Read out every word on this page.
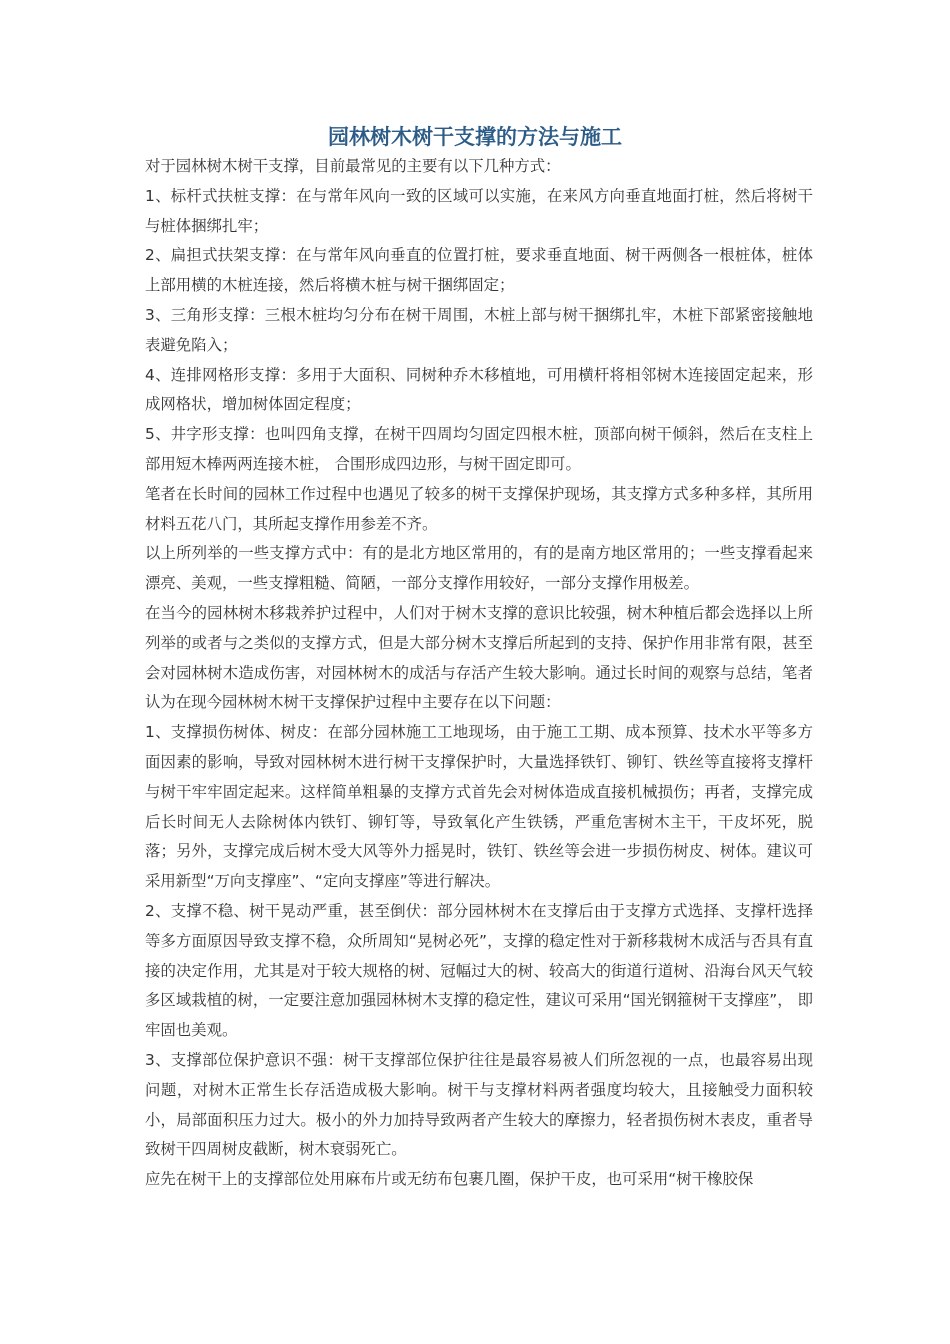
园林树木树干支撑的方法与施工

对于园林树木树干支撑，目前最常见的主要有以下几种方式：

1、标杆式扶桩支撑：在与常年风向一致的区域可以实施，在来风方向垂直地面打桩，然后将树干与桩体捆绑扎牢；

2、扁担式扶架支撑：在与常年风向垂直的位置打桩，要求垂直地面、树干两侧各一根桩体，桩体上部用横的木桩连接，然后将横木桩与树干捆绑固定；

3、三角形支撑：三根木桩均匀分布在树干周围，木桩上部与树干捆绑扎牢，木桩下部紧密接触地表避免陷入；

4、连排网格形支撑：多用于大面积、同树种乔木移植地，可用横杆将相邻树木连接固定起来，形成网格状，增加树体固定程度；

5、井字形支撑：也叫四角支撑，在树干四周均匀固定四根木桩，顶部向树干倾斜，然后在支柱上部用短木棒两两连接木桩， 合围形成四边形，与树干固定即可。

笔者在长时间的园林工作过程中也遇见了较多的树干支撑保护现场，其支撑方式多种多样，其所用材料五花八门，其所起支撑作用参差不齐。

以上所列举的一些支撑方式中：有的是北方地区常用的，有的是南方地区常用的；一些支撑看起来漂亮、美观，一些支撑粗糙、简陋，一部分支撑作用较好，一部分支撑作用极差。

在当今的园林树木移栽养护过程中，人们对于树木支撑的意识比较强，树木种植后都会选择以上所列举的或者与之类似的支撑方式，但是大部分树木支撑后所起到的支持、保护作用非常有限，甚至会对园林树木造成伤害，对园林树木的成活与存活产生较大影响。通过长时间的观察与总结，笔者认为在现今园林树木树干支撑保护过程中主要存在以下问题：

1、支撑损伤树体、树皮：在部分园林施工工地现场，由于施工工期、成本预算、技术水平等多方面因素的影响，导致对园林树木进行树干支撑保护时，大量选择铁钉、铆钉、铁丝等直接将支撑杆与树干牢牢固定起来。这样简单粗暴的支撑方式首先会对树体造成直接机械损伤；再者，支撑完成后长时间无人去除树体内铁钉、铆钉等，导致氧化产生铁锈，严重危害树木主干，干皮坏死，脱落；另外，支撑完成后树木受大风等外力摇晃时，铁钉、铁丝等会进一步损伤树皮、树体。建议可采用新型“万向支撑座”、“定向支撑座”等进行解决。

2、支撑不稳、树干晃动严重，甚至倒伏：部分园林树木在支撑后由于支撑方式选择、支撑杆选择等多方面原因导致支撑不稳，众所周知“晃树必死”，支撑的稳定性对于新移栽树木成活与否具有直接的决定作用，尤其是对于较大规格的树、冠幅过大的树、较高大的街道行道树、沿海台风天气较多区域栽植的树，一定要注意加强园林树木支撑的稳定性，建议可采用“国光钢箍树干支撑座”， 即牢固也美观。

3、支撑部位保护意识不强：树干支撑部位保护往往是最容易被人们所忽视的一点，也最容易出现问题，对树木正常生长存活造成极大影响。树干与支撑材料两者强度均较大，且接触受力面积较小，局部面积压力过大。极小的外力加持导致两者产生较大的摩擦力，轻者损伤树木表皮，重者导致树干四周树皮截断，树木衰弱死亡。

应先在树干上的支撑部位处用麻布片或无纺布包裹几圈，保护干皮，也可采用“树干橡胶保
